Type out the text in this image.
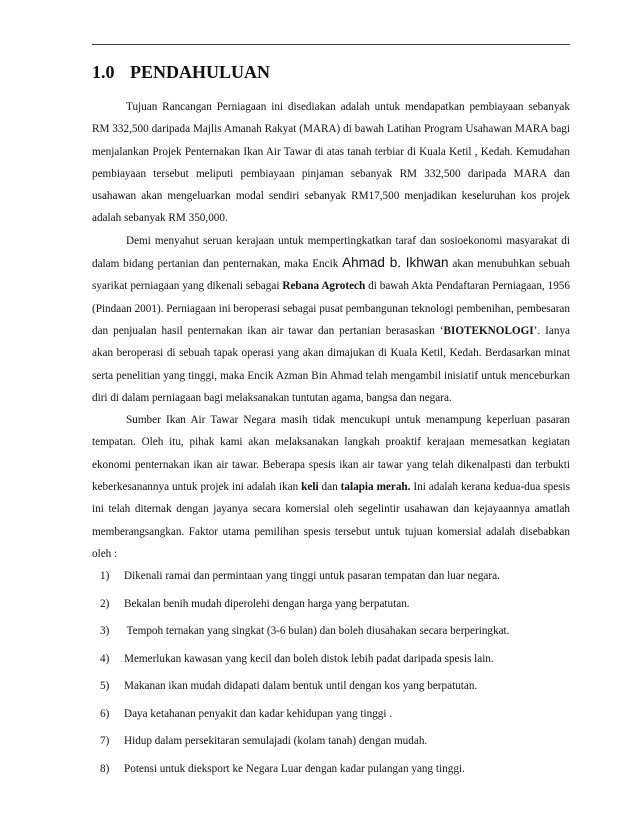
1.0 PENDAHULUAN

Tujuan Rancangan Perniagaan ini disediakan adalah untuk mendapatkan pembiayaan sebanyak RM 332,500 daripada Majlis Amanah Rakyat (MARA) di bawah Latihan Program Usahawan MARA bagi menjalankan Projek Penternakan Ikan Air Tawar di atas tanah terbiar di Kuala Ketil , Kedah. Kemudahan pembiayaan tersebut meliputi pembiayaan pinjaman sebanyak RM 332,500 daripada MARA dan usahawan akan mengeluarkan modal sendiri sebanyak RM17,500 menjadikan keseluruhan kos projek adalah sebanyak RM 350,000.

Demi menyahut seruan kerajaan untuk mempertingkatkan taraf dan sosioekonomi masyarakat di dalam bidang pertanian dan penternakan, maka Encik Ahmad b. Ikhwan akan menubuhkan sebuah syarikat perniagaan yang dikenali sebagai Rebana Agrotech di bawah Akta Pendaftaran Perniagaan, 1956 (Pindaan 2001). Perniagaan ini beroperasi sebagai pusat pembangunan teknologi pembenihan, pembesaran dan penjualan hasil penternakan ikan air tawar dan pertanian berasaskan ‘BIOTEKNOLOGI’. Ianya akan beroperasi di sebuah tapak operasi yang akan dimajukan di Kuala Ketil, Kedah. Berdasarkan minat serta penelitian yang tinggi, maka Encik Azman Bin Ahmad telah mengambil inisiatif untuk menceburkan diri di dalam perniagaan bagi melaksanakan tuntutan agama, bangsa dan negara.

Sumber Ikan Air Tawar Negara masih tidak mencukupi untuk menampung keperluan pasaran tempatan. Oleh itu, pihak kami akan melaksanakan langkah proaktif kerajaan memesatkan kegiatan ekonomi penternakan ikan air tawar. Beberapa spesis ikan air tawar yang telah dikenalpasti dan terbukti keberkesanannya untuk projek ini adalah ikan keli dan talapia merah. Ini adalah kerana kedua-dua spesis ini telah diternak dengan jayanya secara komersial oleh segelintir usahawan dan kejayaannya amatlah memberangsangkan. Faktor utama pemilihan spesis tersebut untuk tujuan komersial adalah disebabkan oleh :

1) Dikenali ramai dan permintaan yang tinggi untuk pasaran tempatan dan luar negara.
2) Bekalan benih mudah diperolehi dengan harga yang berpatutan.
3) Tempoh ternakan yang singkat (3-6 bulan) dan boleh diusahakan secara berperingkat.
4) Memerlukan kawasan yang kecil dan boleh distok lebih padat daripada spesis lain.
5) Makanan ikan mudah didapati dalam bentuk until dengan kos yang berpatutan.
6) Daya ketahanan penyakit dan kadar kehidupan yang tinggi .
7) Hidup dalam persekitaran semulajadi (kolam tanah) dengan mudah.
8) Potensi untuk dieksport ke Negara Luar dengan kadar pulangan yang tinggi.
